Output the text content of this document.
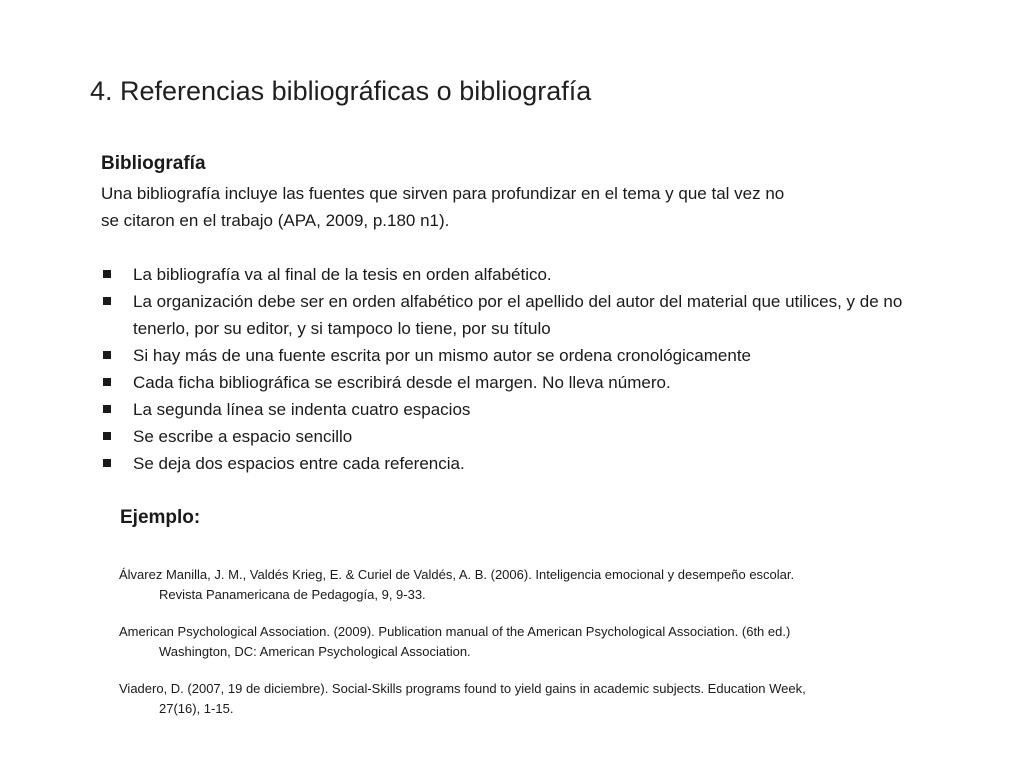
4. Referencias bibliográficas o bibliografía
Bibliografía
Una bibliografía incluye las fuentes que sirven para profundizar en el tema y que tal vez no
se citaron en el trabajo (APA, 2009, p.180 n1).
La bibliografía va al final de la tesis en orden alfabético.
La organización debe ser en orden alfabético por el apellido del autor del material que utilices, y de no tenerlo, por su editor, y si tampoco lo tiene, por su título
Si hay más de una fuente escrita por un mismo autor se ordena cronológicamente
Cada ficha bibliográfica se escribirá desde el margen. No lleva número.
La segunda línea se indenta cuatro espacios
Se escribe a espacio sencillo
Se deja dos espacios entre cada referencia.
Ejemplo:
Álvarez Manilla, J. M., Valdés Krieg, E. & Curiel de Valdés, A. B. (2006). Inteligencia emocional y desempeño escolar.
Revista Panamericana de Pedagogía, 9, 9-33.
American Psychological Association. (2009). Publication manual of the American Psychological Association. (6th ed.)
Washington, DC: American Psychological Association.
Viadero, D. (2007, 19 de diciembre). Social-Skills programs found to yield gains in academic subjects. Education Week,
27(16), 1-15.
